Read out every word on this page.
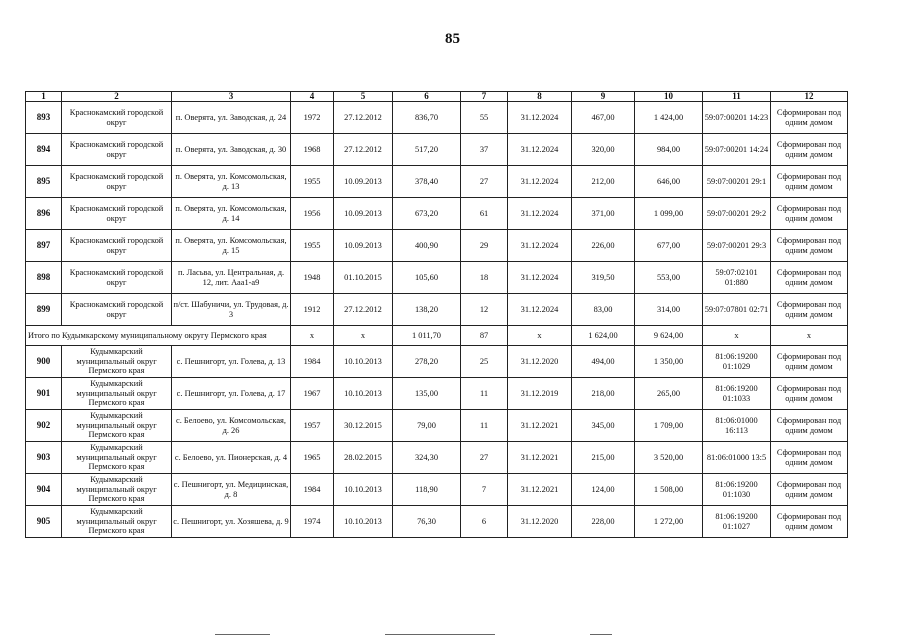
85
1	2	3	4	5	6	7	8	9	10	11	12
893	Краснокамский городской округ	п. Оверята, ул. Заводская, д. 24	1972	27.12.2012	836,70	55	31.12.2024	467,00	1 424,00	59:07:00201 14:23	Сформирован под одним домом
894	Краснокамский городской округ	п. Оверята, ул. Заводская, д. 30	1968	27.12.2012	517,20	37	31.12.2024	320,00	984,00	59:07:00201 14:24	Сформирован под одним домом
895	Краснокамский городской округ	п. Оверята, ул. Комсомольская, д. 13	1955	10.09.2013	378,40	27	31.12.2024	212,00	646,00	59:07:00201 29:1	Сформирован под одним домом
896	Краснокамский городской округ	п. Оверята, ул. Комсомольская, д. 14	1956	10.09.2013	673,20	61	31.12.2024	371,00	1 099,00	59:07:00201 29:2	Сформирован под одним домом
897	Краснокамский городской округ	п. Оверята, ул. Комсомольская, д. 15	1955	10.09.2013	400,90	29	31.12.2024	226,00	677,00	59:07:00201 29:3	Сформирован под одним домом
898	Краснокамский городской округ	п. Ласьва, ул. Центральная, д. 12, лит. Ааа1-а9	1948	01.10.2015	105,60	18	31.12.2024	319,50	553,00	59:07:02101 01:880	Сформирован под одним домом
899	Краснокамский городской округ	п/ст. Шабуничи, ул. Трудовая, д. 3	1912	27.12.2012	138,20	12	31.12.2024	83,00	314,00	59:07:07801 02:71	Сформирован под одним домом
Итого по Кудымкарскому муниципальному округу Пермского края			х	х	1 011,70	87	х	1 624,00	9 624,00	х	х
900	Кудымкарский муниципальный округ Пермского края	с. Пешнигорт, ул. Голева, д. 13	1984	10.10.2013	278,20	25	31.12.2020	494,00	1 350,00	81:06:19200 01:1029	Сформирован под одним домом
901	Кудымкарский муниципальный округ Пермского края	с. Пешнигорт, ул. Голева, д. 17	1967	10.10.2013	135,00	11	31.12.2019	218,00	265,00	81:06:19200 01:1033	Сформирован под одним домом
902	Кудымкарский муниципальный округ Пермского края	с. Белоево, ул. Комсомольская, д. 26	1957	30.12.2015	79,00	11	31.12.2021	345,00	1 709,00	81:06:01000 16:113	Сформирован под одним домом
903	Кудымкарский муниципальный округ Пермского края	с. Белоево, ул. Пионерская, д. 4	1965	28.02.2015	324,30	27	31.12.2021	215,00	3 520,00	81:06:01000 13:5	Сформирован под одним домом
904	Кудымкарский муниципальный округ Пермского края	с. Пешнигорт, ул. Медицинская, д. 8	1984	10.10.2013	118,90	7	31.12.2021	124,00	1 508,00	81:06:19200 01:1030	Сформирован под одним домом
905	Кудымкарский муниципальный округ Пермского края	с. Пешнигорт, ул. Хозяшева, д. 9	1974	10.10.2013	76,30	6	31.12.2020	228,00	1 272,00	81:06:19200 01:1027	Сформирован под одним домом
